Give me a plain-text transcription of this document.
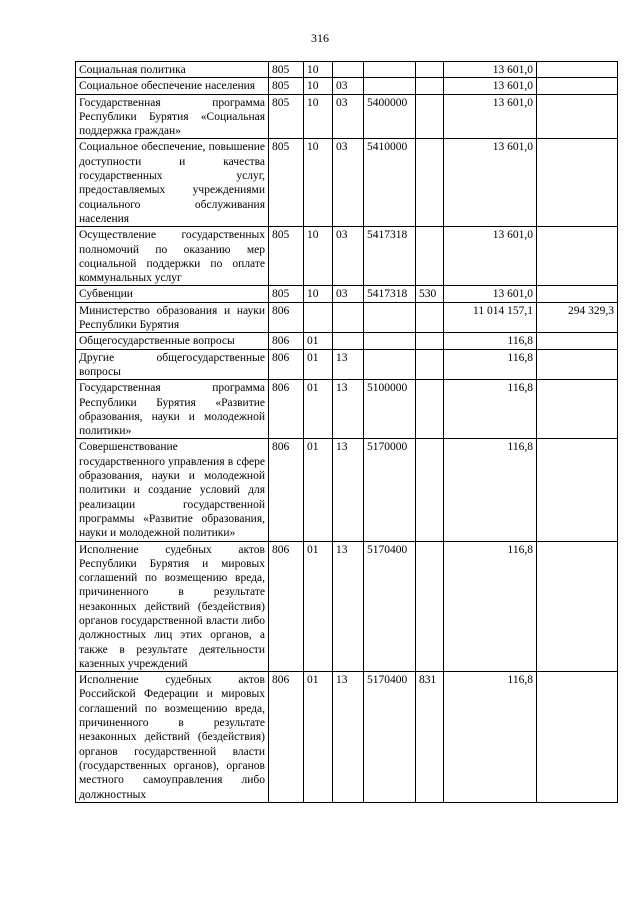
316
Социальная политика	805	10				13 601,0	
Социальное обеспечение населения	805	10	03			13 601,0	
Государственная программа Республики Бурятия «Социальная поддержка граждан»	805	10	03	5400000		13 601,0	
Социальное обеспечение, повышение доступности и качества государственных услуг, предоставляемых учреждениями социального обслуживания населения	805	10	03	5410000		13 601,0	
Осуществление государственных полномочий по оказанию мер социальной поддержки по оплате коммунальных услуг	805	10	03	5417318		13 601,0	
Субвенции	805	10	03	5417318	530	13 601,0	
Министерство образования и науки Республики Бурятия	806					11 014 157,1	294 329,3
Общегосударственные вопросы	806	01				116,8	
Другие общегосударственные вопросы	806	01	13			116,8	
Государственная программа Республики Бурятия «Развитие образования, науки и молодежной политики»	806	01	13	5100000		116,8	
Совершенствование государственного управления в сфере образования, науки и молодежной политики и создание условий для реализации государственной программы «Развитие образования, науки и молодежной политики»	806	01	13	5170000		116,8	
Исполнение судебных актов Республики Бурятия и мировых соглашений по возмещению вреда, причиненного в результате незаконных действий (бездействия) органов государственной власти либо должностных лиц этих органов, а также в результате деятельности казенных учреждений	806	01	13	5170400		116,8	
Исполнение судебных актов Российской Федерации и мировых соглашений по возмещению вреда, причиненного в результате незаконных действий (бездействия) органов государственной власти (государственных органов), органов местного самоуправления либо должностных	806	01	13	5170400	831	116,8	
